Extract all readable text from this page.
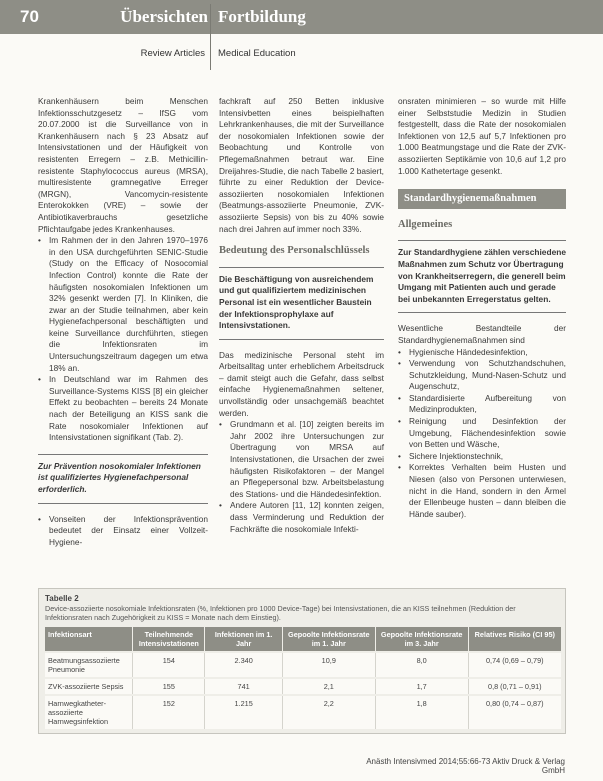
70	Übersichten Fortbildung
Review Articles Medical Education

Krankenhäusern beim Menschen Infektionsschutzgesetz – IfSG vom 20.07.2000 ist die Surveillance von in Krankenhäusern nach § 23 Absatz auf Intensivstationen und der Häufigkeit von resistenten Erregern – z.B. Methicillin-resistente Staphylococcus aureus (MRSA), multiresistente gramnegative Erreger (MRGN), Vancomycin-resistente Enterokokken (VRE) – sowie der Antibiotikaverbrauchs gesetzliche Pflichtaufgabe jedes Krankenhauses.

• Im Rahmen der in den Jahren 1970–1976 in den USA durchgeführten SENIC-Studie (Study on the Efficacy of Nosocomial Infection Control) konnte die Rate der häufigsten nosokomialen Infektionen um 32% gesenkt werden [7]. In Kliniken, die zwar an der Studie teilnahmen, aber kein Hygienefachpersonal beschäftigten und keine Surveillance durchführten, stiegen die Infektionsraten im Untersuchungszeitraum dagegen um etwa 18% an.
• In Deutschland war im Rahmen des Surveillance-Systems KISS [8] ein gleicher Effekt zu beobachten – bereits 24 Monate nach der Beteiligung an KISS sank die Rate nosokomialer Infektionen auf Intensivstationen signifikant (Tab. 2).
Zur Prävention nosokomialer Infektionen ist qualifiziertes Hygienefachpersonal erforderlich.
• Vonseiten der Infektionsprävention bedeutet der Einsatz einer Vollzeit-Hygiene-

fachkraft auf 250 Betten inklusive Intensivbetten eines beispielhaften Lehrkrankenhauses, die mit der Surveillance der nosokomialen Infektionen sowie der Beobachtung und Kontrolle von Pflegemaßnahmen betraut war. Eine Dreijahres-Studie, die nach Tabelle 2 basiert, führte zu einer Reduktion der Device-assoziierten nosokomialen Infektionen (Beatmungs-assoziierte Pneumonie, ZVK-assoziierte Sepsis) von bis zu 40% sowie nach drei Jahren auf immer noch 33%.

Bedeutung des Personalschlüssels
Die Beschäftigung von ausreichendem und gut qualifiziertem medizinischen Personal ist ein wesentlicher Baustein der Infektionsprophylaxe auf Intensivstationen.

Das medizinische Personal steht im Arbeitsalltag unter erheblichem Arbeitsdruck – damit steigt auch die Gefahr, dass selbst einfache Hygienemaßnahmen seltener, unvollständig oder unsachgemäß beachtet werden.

• Grundmann et al. [10] zeigten bereits im Jahr 2002 ihre Untersuchungen zur Übertragung von MRSA auf Intensivstationen, die Ursachen der zwei häufigsten Risikofaktoren – der Mangel an Pflegepersonal bzw. Arbeitsbelastung des Stations- und die Händedesinfektion.
• Andere Autoren [11, 12] konnten zeigen, dass Verminderung und Reduktion der Fachkräfte die nosokomiale Infekti-

onsraten minimieren – so wurde mit Hilfe einer Selbststudie Medizin in Studien festgestellt, dass die Rate der nosokomialen Infektionen von 12,5 auf 5,7 Infektionen pro 1.000 Beatmungstage und die Rate der ZVK-assoziierten Septikämie von 10,6 auf 1,2 pro 1.000 Kathetertage gesenkt.

Standardhygienemaßnahmen
Allgemeines
Zur Standardhygiene zählen verschiedene Maßnahmen zum Schutz vor Übertragung von Krankheitserregern, die generell beim Umgang mit Patienten auch und gerade bei unbekannten Erregerstatus gelten.

Wesentliche Bestandteile der Standardhygienemaßnahmen sind

• Hygienische Händedesinfektion,
• Verwendung von Schutzhandschuhen, Schutzkleidung, Mund-Nasen-Schutz und Augenschutz,
• Standardisierte Aufbereitung von Medizinprodukten,
• Reinigung und Desinfektion der Umgebung, Flächendesinfektion sowie von Betten und Wäsche,
• Sichere Injektionstechnik,
• Korrektes Verhalten beim Husten und Niesen (also von Personen unterwiesen, nicht in die Hand, sondern in den Ärmel der Ellenbeuge husten – dann bleiben die Hände sauber).
Tabelle 2
Device-assoziierte nosokomiale Infektionsraten (%, Infektionen pro 1000 Device-Tage) bei Intensivstationen, die an KISS teilnehmen (Reduktion der Infektionsraten nach Zugehörigkeit zu KISS = Monate nach dem Einstieg).
Infektionsart	Teilnehmende Intensivstationen	Infektionen im 1. Jahr	Gepoolte Infektionsrate im 1. Jahr	Gepoolte Infektionsrate im 3. Jahr	Relatives Risiko (CI 95)
Beatmungsassoziierte Pneumonie	154	2.340	10,9	8,0	0,74 (0,69 – 0,79)
ZVK-assoziierte Sepsis	155	741	2,1	1,7	0,8 (0,71 – 0,91)
Harnwegkatheter-assoziierte Harnwegsinfektion	152	1.215	2,2	1,8	0,80 (0,74 – 0,87)
Anästh Intensivmed 2014;55:66-73 Aktiv Druck & Verlag GmbH
